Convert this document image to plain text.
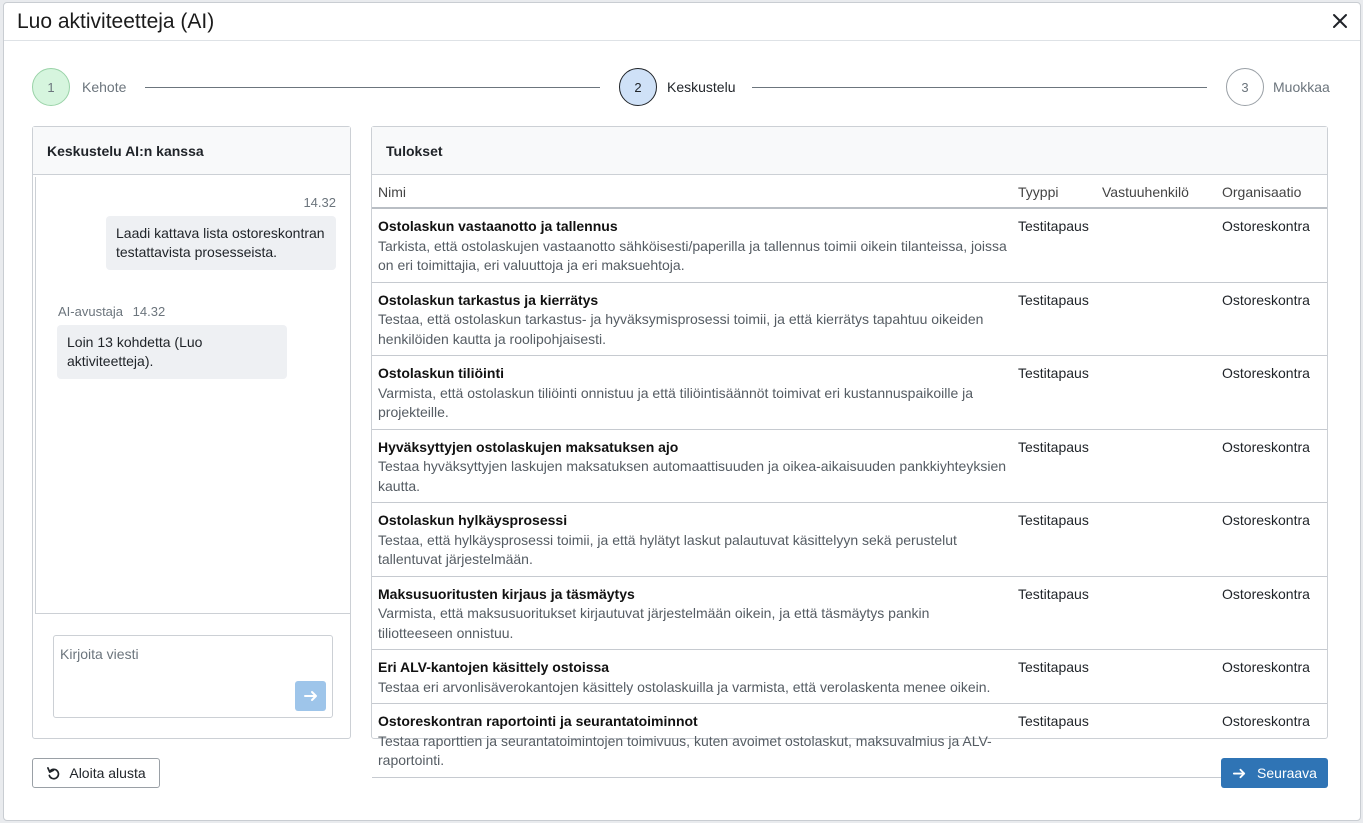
Luo aktiviteetteja (AI)
1	Kehote	2	Keskustelu	3	Muokkaa
Keskustelu AI:n kanssa
14.32
Laadi kattava lista ostoreskontran testattavista prosesseista.
AI-avustaja 14.32
Loin 13 kohdetta (Luo aktiviteetteja).
Kirjoita viesti
Tulokset
Nimi	Tyyppi	Vastuuhenkilö	Organisaatio

Ostolaskun vastaanotto ja tallennus
Tarkista, että ostolaskujen vastaanotto sähköisesti/paperilla ja tallennus toimii oikein tilanteissa, joissa on eri toimittajia, eri valuuttoja ja eri maksuehtoja.	Testitapaus		Ostoreskontra

Ostolaskun tarkastus ja kierrätys
Testaa, että ostolaskun tarkastus- ja hyväksymisprosessi toimii, ja että kierrätys tapahtuu oikeiden henkilöiden kautta ja roolipohjaisesti.	Testitapaus		Ostoreskontra

Ostolaskun tiliöinti
Varmista, että ostolaskun tiliöinti onnistuu ja että tiliöintisäännöt toimivat eri kustannuspaikoille ja projekteille.	Testitapaus		Ostoreskontra

Hyväksyttyjen ostolaskujen maksatuksen ajo
Testaa hyväksyttyjen laskujen maksatuksen automaattisuuden ja oikea-aikaisuuden pankkiyhteyksien kautta.	Testitapaus		Ostoreskontra

Ostolaskun hylkäysprosessi
Testaa, että hylkäysprosessi toimii, ja että hylätyt laskut palautuvat käsittelyyn sekä perustelut tallentuvat järjestelmään.	Testitapaus		Ostoreskontra

Maksusuoritusten kirjaus ja täsmäytys
Varmista, että maksusuoritukset kirjautuvat järjestelmään oikein, ja että täsmäytys pankin tiliotteeseen onnistuu.	Testitapaus		Ostoreskontra

Eri ALV-kantojen käsittely ostoissa
Testaa eri arvonlisäverokantojen käsittely ostolaskuilla ja varmista, että verolaskenta menee oikein.	Testitapaus		Ostoreskontra

Ostoreskontran raportointi ja seurantatoiminnot
Testaa raporttien ja seurantatoimintojen toimivuus, kuten avoimet ostolaskut, maksuvalmius ja ALV-raportointi.	Testitapaus		Ostoreskontra
Aloita alusta	Seuraava
